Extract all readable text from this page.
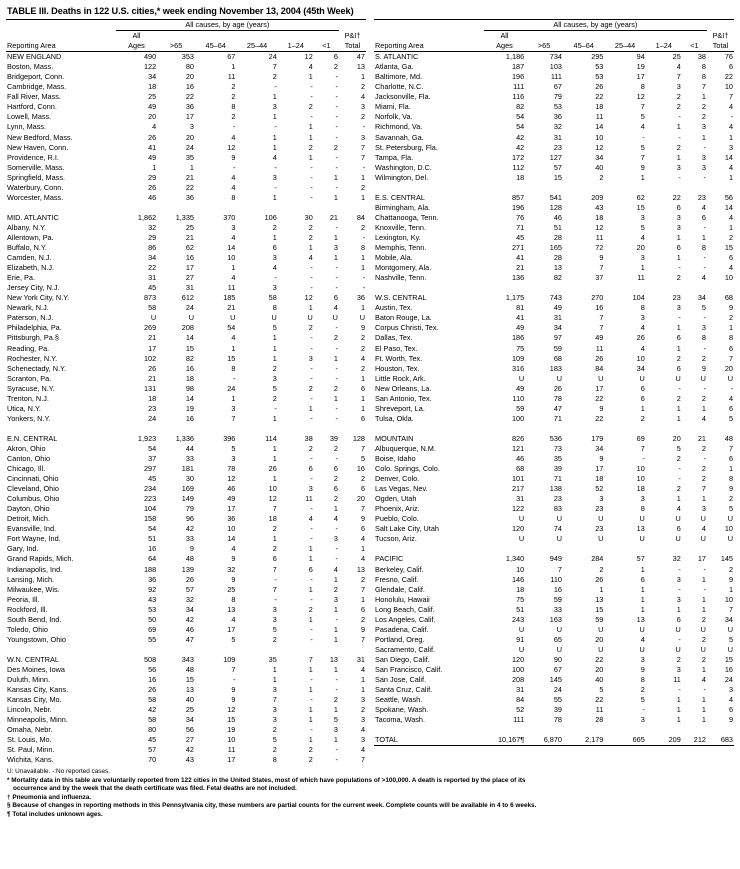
TABLE III. Deaths in 122 U.S. cities,* week ending November 13, 2004 (45th Week)
	All causes, by age (years)						
	All						P&I†
Reporting Area	Ages	>65	45–64	25–44	1–24	<1	Total
NEW ENGLAND	490	353	67	24	12	6	47
Boston, Mass.	122	80	1	7	4	2	13
Bridgeport, Conn.	34	20	11	2	1	-	1
Cambridge, Mass.	18	16	2	-	-	-	2
Fall River, Mass.	25	22	2	1	-	-	4
Hartford, Conn.	49	36	8	3	2	-	3
Lowell, Mass.	20	17	2	1	-	-	2
Lynn, Mass.	4	3	-	-	1	-	-
New Bedford, Mass.	26	20	4	1	1	-	3
New Haven, Conn.	41	24	12	1	2	2	7
Providence, R.I.	49	35	9	4	1	-	7
Somerville, Mass.	1	1	-	-	-	-	-
Springfield, Mass.	29	21	4	3	-	1	1
Waterbury, Conn.	26	22	4	-	-	-	2
Worcester, Mass.	46	36	8	1	-	1	1

MID. ATLANTIC	1,862	1,335	370	106	30	21	84
Albany, N.Y.	32	25	3	2	2	-	2
Allentown, Pa.	29	21	4	1	2	1	-
Buffalo, N.Y.	86	62	14	6	1	3	8
Camden, N.J.	34	16	10	3	4	1	1
Elizabeth, N.J.	22	17	1	4	-	-	1
Erie, Pa.	31	27	4	-	-	-	-
Jersey City, N.J.	45	31	11	3	-	-	-
New York City, N.Y.	873	612	185	58	12	6	36
Newark, N.J.	58	24	21	8	1	4	1
Paterson, N.J.	U	U	U	U	U	U	U
Philadelphia, Pa.	269	208	54	5	2	-	9
Pittsburgh, Pa.§	21	14	4	1	-	2	2
Reading, Pa.	17	15	1	1	-	-	2
Rochester, N.Y.	102	82	15	1	3	1	4
Schenectady, N.Y.	26	16	8	2	-	-	2
Scranton, Pa.	21	18	-	3	-	-	1
Syracuse, N.Y.	131	98	24	5	2	2	6
Trenton, N.J.	18	14	1	2	-	1	1
Utica, N.Y.	23	19	3	-	1	-	1
Yonkers, N.Y.	24	16	7	1	-	-	6

E.N. CENTRAL	1,923	1,336	396	114	38	39	128
Akron, Ohio	54	44	5	1	2	2	7
Canton, Ohio	37	33	3	1	-	-	5
Chicago, Ill.	297	181	78	26	6	6	16
Cincinnati, Ohio	45	30	12	1	-	2	2
Cleveland, Ohio	234	169	46	10	3	6	6
Columbus, Ohio	223	149	49	12	11	2	20
Dayton, Ohio	104	79	17	7	-	1	7
Detroit, Mich.	158	96	36	18	4	4	9
Evansville, Ind.	54	42	10	2	-	-	6
Fort Wayne, Ind.	51	33	14	1	-	3	4
Gary, Ind.	16	9	4	2	1	-	1
Grand Rapids, Mich.	64	48	9	6	1	-	4
Indianapolis, Ind.	188	139	32	7	6	4	13
Lansing, Mich.	36	26	9	-	-	1	2
Milwaukee, Wis.	92	57	25	7	1	2	7
Peoria, Ill.	43	32	8	-	-	3	1
Rockford, Ill.	53	34	13	3	2	1	6
South Bend, Ind.	50	42	4	3	1	-	2
Toledo, Ohio	69	46	17	5	-	1	9
Youngstown, Ohio	55	47	5	2	-	1	7

W.N. CENTRAL	508	343	109	35	7	13	31
Des Moines, Iowa	56	48	7	1	1	1	4
Duluth, Minn.	16	15	-	1	-	-	1
Kansas City, Kans.	26	13	9	3	1	-	1
Kansas City, Mo.	58	40	9	7	-	2	3
Lincoln, Nebr.	42	25	12	3	1	1	2
Minneapolis, Minn.	58	34	15	3	1	5	3
Omaha, Nebr.	80	56	19	2	-	3	4
St. Louis, Mo.	45	27	10	5	1	1	3
St. Paul, Minn.	57	42	11	2	2	-	4
Wichita, Kans.	70	43	17	8	2	-	7
	All causes, by age (years)						
	All						P&I†
Reporting Area	Ages	>65	45–64	25–44	1–24	<1	Total
S. ATLANTIC	1,186	734	295	94	25	38	76
Atlanta, Ga.	187	103	53	19	4	8	6
Baltimore, Md.	196	111	53	17	7	8	22
Charlotte, N.C.	111	67	26	8	3	7	10
Jacksonville, Fla.	116	79	22	12	2	1	7
Miami, Fla.	82	53	18	7	2	2	4
Norfolk, Va.	54	36	11	5	-	2	-
Richmond, Va.	54	32	14	4	1	3	4
Savannah, Ga.	42	31	10	-	-	1	1
St. Petersburg, Fla.	42	23	12	5	2	-	3
Tampa, Fla.	172	127	34	7	1	3	14
Washington, D.C.	112	57	40	9	3	3	4
Wilmington, Del.	18	15	2	1	-	-	1

E.S. CENTRAL	857	541	209	62	22	23	56
Birmingham, Ala.	196	128	43	15	6	4	14
Chattanooga, Tenn.	76	46	18	3	3	6	4
Knoxville, Tenn.	71	51	12	5	3	-	1
Lexington, Ky.	45	28	11	4	1	1	2
Memphis, Tenn.	271	165	72	20	6	8	15
Mobile, Ala.	41	28	9	3	1	-	6
Montgomery, Ala.	21	13	7	1	-	-	4
Nashville, Tenn.	136	82	37	11	2	4	10

W.S. CENTRAL	1,175	743	270	104	23	34	68
Austin, Tex.	81	49	16	8	3	5	9
Baton Rouge, La.	41	31	7	3	-	-	2
Corpus Christi, Tex.	49	34	7	4	1	3	1
Dallas, Tex.	186	97	49	26	6	8	8
El Paso, Tex.	75	59	11	4	1	-	6
Ft. Worth, Tex.	109	68	26	10	2	2	7
Houston, Tex.	316	183	84	34	6	9	20
Little Rock, Ark.	U	U	U	U	U	U	U
New Orleans, La.	49	26	17	6	-	-	-
San Antonio, Tex.	110	78	22	6	2	2	4
Shreveport, La.	59	47	9	1	1	1	6
Tulsa, Okla.	100	71	22	2	1	4	5

MOUNTAIN	826	536	179	69	20	21	48
Albuquerque, N.M.	121	73	34	7	5	2	7
Boise, Idaho	46	35	9	-	2	-	6
Colo. Springs, Colo.	68	39	17	10	-	2	1
Denver, Colo.	101	71	18	10	-	2	8
Las Vegas, Nev.	217	138	52	18	2	7	9
Ogden, Utah	31	23	3	3	1	1	2
Phoenix, Ariz.	122	83	23	8	4	3	5
Pueblo, Colo.	U	U	U	U	U	U	U
Salt Lake City, Utah	120	74	23	13	6	4	10
Tucson, Ariz.	U	U	U	U	U	U	U

PACIFIC	1,340	949	284	57	32	17	145
Berkeley, Calif.	10	7	2	1	-	-	2
Fresno, Calif.	146	110	26	6	3	1	9
Glendale, Calif.	18	16	1	1	-	-	1
Honolulu, Hawaii	75	59	13	1	3	1	10
Long Beach, Calif.	51	33	15	1	1	1	7
Los Angeles, Calif.	243	163	59	13	6	2	34
Pasadena, Calif.	U	U	U	U	U	U	U
Portland, Oreg.	91	65	20	4	-	2	5
Sacramento, Calif.	U	U	U	U	U	U	U
San Diego, Calif.	120	90	22	3	2	2	15
San Francisco, Calif.	100	67	20	9	3	1	16
San Jose, Calif.	208	145	40	8	11	4	24
Santa Cruz, Calif.	31	24	5	2	-	-	3
Seattle, Wash.	84	55	22	5	1	1	4
Spokane, Wash.	52	39	11	-	1	1	6
Tacoma, Wash.	111	78	28	3	1	1	9

TOTAL	10,167¶	6,870	2,179	665	209	212	683
U: Unavailable. -:No reported cases.
* Mortality data in this table are voluntarily reported from 122 cities in the United States, most of which have populations of >100,000. A death is reported by the place of its
occurrence and by the week that the death certificate was filed. Fetal deaths are not included.
† Pneumonia and influenza.
§ Because of changes in reporting methods in this Pennsylvania city, these numbers are partial counts for the current week. Complete counts will be available in 4 to 6 weeks.
¶ Total includes unknown ages.
